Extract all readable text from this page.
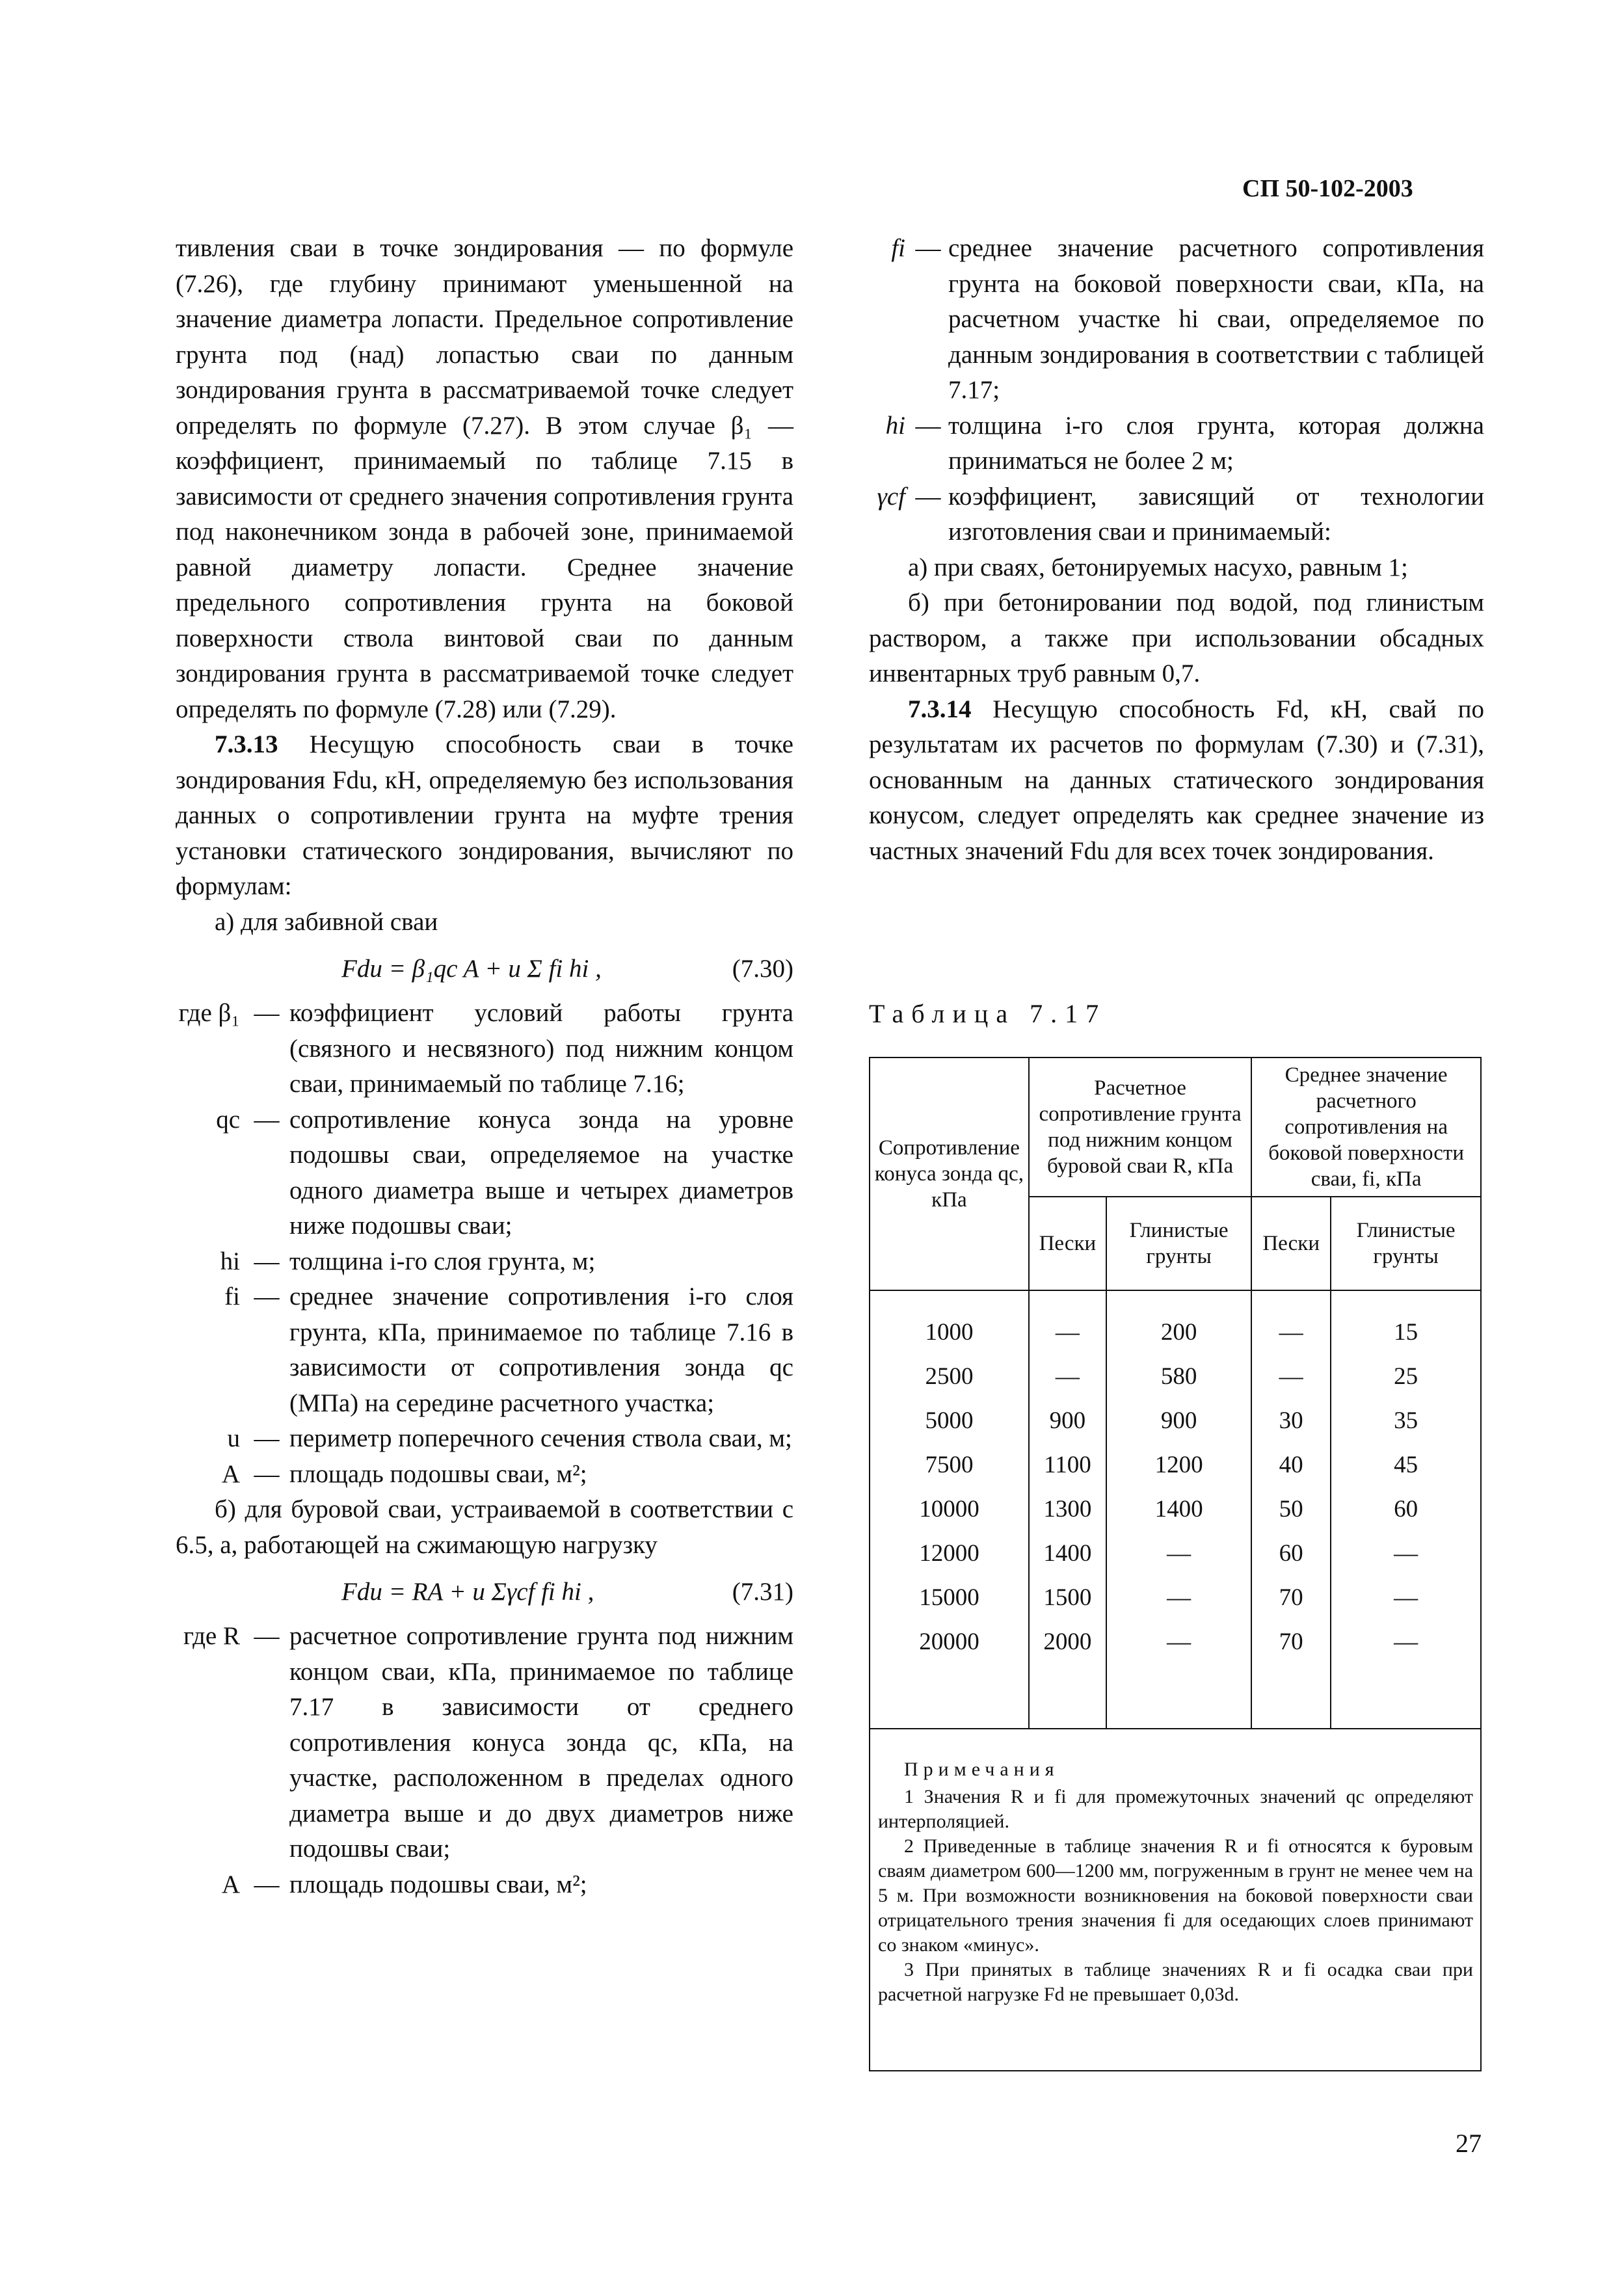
СП 50-102-2003

тивления сваи в точке зондирования — по формуле (7.26), где глубину принимают уменьшенной на значение диаметра лопасти. Предельное сопротивление грунта под (над) лопастью сваи по данным зондирования грунта в рассматриваемой точке следует определять по формуле (7.27). В этом случае β₁ — коэффициент, принимаемый по таблице 7.15 в зависимости от среднего значения сопротивления грунта под наконечником зонда в рабочей зоне, принимаемой равной диаметру лопасти. Среднее значение предельного сопротивления грунта на боковой поверхности ствола винтовой сваи по данным зондирования грунта в рассматриваемой точке следует определять по формуле (7.28) или (7.29).

7.3.13 Несущую способность сваи в точке зондирования Fdu, кН, определяемую без использования данных о сопротивлении грунта на муфте трения установки статического зондирования, вычисляют по формулам:

а) для забивной сваи

Fdu = β₁qc A + u Σ fi hi ,	(7.30)
где β₁ — коэффициент условий работы грунта (связного и несвязного) под нижним концом сваи, принимаемый по таблице 7.16;
qc — сопротивление конуса зонда на уровне подошвы сваи, определяемое на участке одного диаметра выше и четырех диаметров ниже подошвы сваи;
hi — толщина i-го слоя грунта, м;
fi — среднее значение сопротивления i-го слоя грунта, кПа, принимаемое по таблице 7.16 в зависимости от сопротивления зонда qc (МПа) на середине расчетного участка;
u — периметр поперечного сечения ствола сваи, м;
A — площадь подошвы сваи, м²;

б) для буровой сваи, устраиваемой в соответствии с 6.5, а, работающей на сжимающую нагрузку

Fdu = RA + u Σγcf fi hi ,	(7.31)
где R — расчетное сопротивление грунта под нижним концом сваи, кПа, принимаемое по таблице 7.17 в зависимости от среднего сопротивления конуса зонда qc, кПа, на участке, расположенном в пределах одного диаметра выше и до двух диаметров ниже подошвы сваи;
A — площадь подошвы сваи, м²;
fi — среднее значение расчетного сопротивления грунта на боковой поверхности сваи, кПа, на расчетном участке hi сваи, определяемое по данным зондирования в соответствии с таблицей 7.17;
hi — толщина i-го слоя грунта, которая должна приниматься не более 2 м;
γcf — коэффициент, зависящий от технологии изготовления сваи и принимаемый:

а) при сваях, бетонируемых насухо, равным 1;

б) при бетонировании под водой, под глинистым раствором, а также при использовании обсадных инвентарных труб равным 0,7.

7.3.14 Несущую способность Fd, кН, свай по результатам их расчетов по формулам (7.30) и (7.31), основанным на данных статического зондирования конусом, следует определять как среднее значение из частных значений Fdu для всех точек зондирования.

Таблица 7.17
Сопротивление конуса зонда qc, кПа	Расчетное сопротивление грунта под нижним концом буровой сваи R, кПа		Среднее значение расчетного сопротивления на боковой поверхности сваи, fi, кПа	
	Пески	Глинистые грунты	Пески	Глинистые грунты
1000	—	200	—	15
2500	—	580	—	25
5000	900	900	30	35
7500	1100	1200	40	45
10000	1300	1400	50	60
12000	1400	—	60	—
15000	1500	—	70	—
20000	2000	—	70	—

Примечания

1 Значения R и fi для промежуточных значений qc определяют интерполяцией.

2 Приведенные в таблице значения R и fi относятся к буровым сваям диаметром 600—1200 мм, погруженным в грунт не менее чем на 5 м. При возможности возникновения на боковой поверхности сваи отрицательного трения значения fi для оседающих слоев принимают со знаком «минус».

3 При принятых в таблице значениях R и fi осадка сваи при расчетной нагрузке Fd не превышает 0,03d.

27
